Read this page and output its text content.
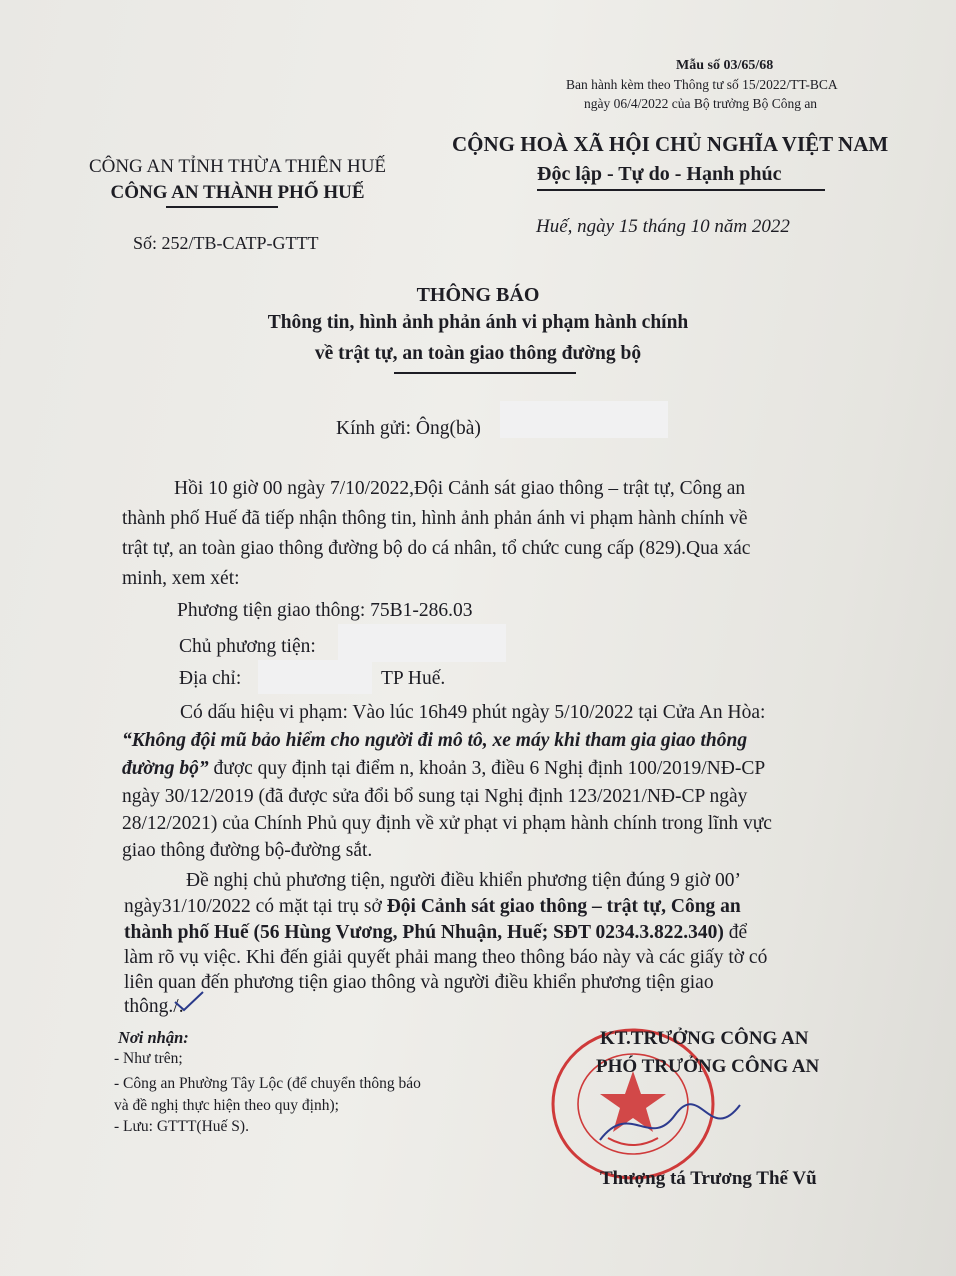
Mẫu số 03/65/68
Ban hành kèm theo Thông tư số 15/2022/TT-BCA
ngày 06/4/2022 của Bộ trưởng Bộ Công an
CÔNG AN TỈNH THỪA THIÊN HUẾ
CÔNG AN THÀNH PHỐ HUẾ
Số: 252/TB-CATP-GTTT
CỘNG HOÀ XÃ HỘI CHỦ NGHĨA VIỆT NAM
Độc lập - Tự do - Hạnh phúc
Huế, ngày 15 tháng 10 năm 2022
THÔNG BÁO
Thông tin, hình ảnh phản ánh vi phạm hành chính
về trật tự, an toàn giao thông đường bộ
Kính gửi: Ông(bà)
Hồi 10 giờ 00 ngày 7/10/2022,Đội Cảnh sát giao thông – trật tự, Công an
thành phố Huế đã tiếp nhận thông tin, hình ảnh phản ánh vi phạm hành chính về
trật tự, an toàn giao thông đường bộ do cá nhân, tổ chức cung cấp (829).Qua xác
minh, xem xét:
Phương tiện giao thông: 75B1-286.03
Chủ phương tiện:
Địa chỉ:	TP Huế.
Có dấu hiệu vi phạm: Vào lúc 16h49 phút ngày 5/10/2022 tại Cửa An Hòa:
“Không đội mũ bảo hiểm cho người đi mô tô, xe máy khi tham gia giao thông
đường bộ” được quy định tại điểm n, khoản 3, điều 6 Nghị định 100/2019/NĐ-CP
ngày 30/12/2019 (đã được sửa đổi bổ sung tại Nghị định 123/2021/NĐ-CP ngày
28/12/2021) của Chính Phủ quy định về xử phạt vi phạm hành chính trong lĩnh vực
giao thông đường bộ-đường sắt.
Đề nghị chủ phương tiện, người điều khiển phương tiện đúng 9 giờ 00’
ngày31/10/2022 có mặt tại trụ sở Đội Cảnh sát giao thông – trật tự, Công an
thành phố Huế (56 Hùng Vương, Phú Nhuận, Huế; SĐT 0234.3.822.340) để
làm rõ vụ việc. Khi đến giải quyết phải mang theo thông báo này và các giấy tờ có
liên quan đến phương tiện giao thông và người điều khiển phương tiện giao
thông./.
Nơi nhận:
- Như trên;
- Công an Phường Tây Lộc (để chuyển thông báo
và đề nghị thực hiện theo quy định);
- Lưu: GTTT(Huế S).
KT.TRƯỞNG CÔNG AN
PHÓ TRƯỞNG CÔNG AN
Thượng tá Trương Thế Vũ
